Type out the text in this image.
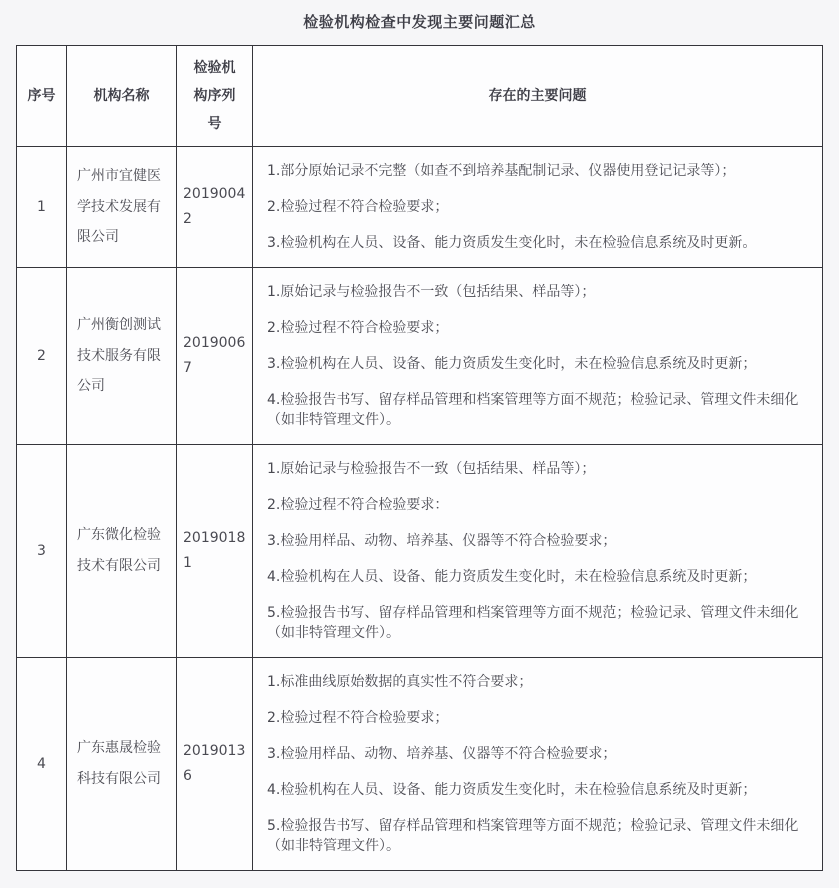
检验机构检查中发现主要问题汇总
序号	机构名称	检验机构序列号	存在的主要问题
1	广州市宜健医学技术发展有限公司	20190042	1.部分原始记录不完整（如查不到培养基配制记录、仪器使用登记记录等）；

2.检验过程不符合检验要求；

3.检验机构在人员、设备、能力资质发生变化时，未在检验信息系统及时更新。

2	广州衡创测试技术服务有限公司	20190067	1.原始记录与检验报告不一致（包括结果、样品等）；

2.检验过程不符合检验要求；

3.检验机构在人员、设备、能力资质发生变化时，未在检验信息系统及时更新；

4.检验报告书写、留存样品管理和档案管理等方面不规范；检验记录、管理文件未细化（如非特管理文件）。

3	广东微化检验技术有限公司	20190181	1.原始记录与检验报告不一致（包括结果、样品等）；

2.检验过程不符合检验要求：

3.检验用样品、动物、培养基、仪器等不符合检验要求；

4.检验机构在人员、设备、能力资质发生变化时，未在检验信息系统及时更新；

5.检验报告书写、留存样品管理和档案管理等方面不规范；检验记录、管理文件未细化（如非特管理文件）。

4	广东惠晟检验科技有限公司	20190136	1.标准曲线原始数据的真实性不符合要求；

2.检验过程不符合检验要求；

3.检验用样品、动物、培养基、仪器等不符合检验要求；

4.检验机构在人员、设备、能力资质发生变化时，未在检验信息系统及时更新；

5.检验报告书写、留存样品管理和档案管理等方面不规范；检验记录、管理文件未细化（如非特管理文件）。
